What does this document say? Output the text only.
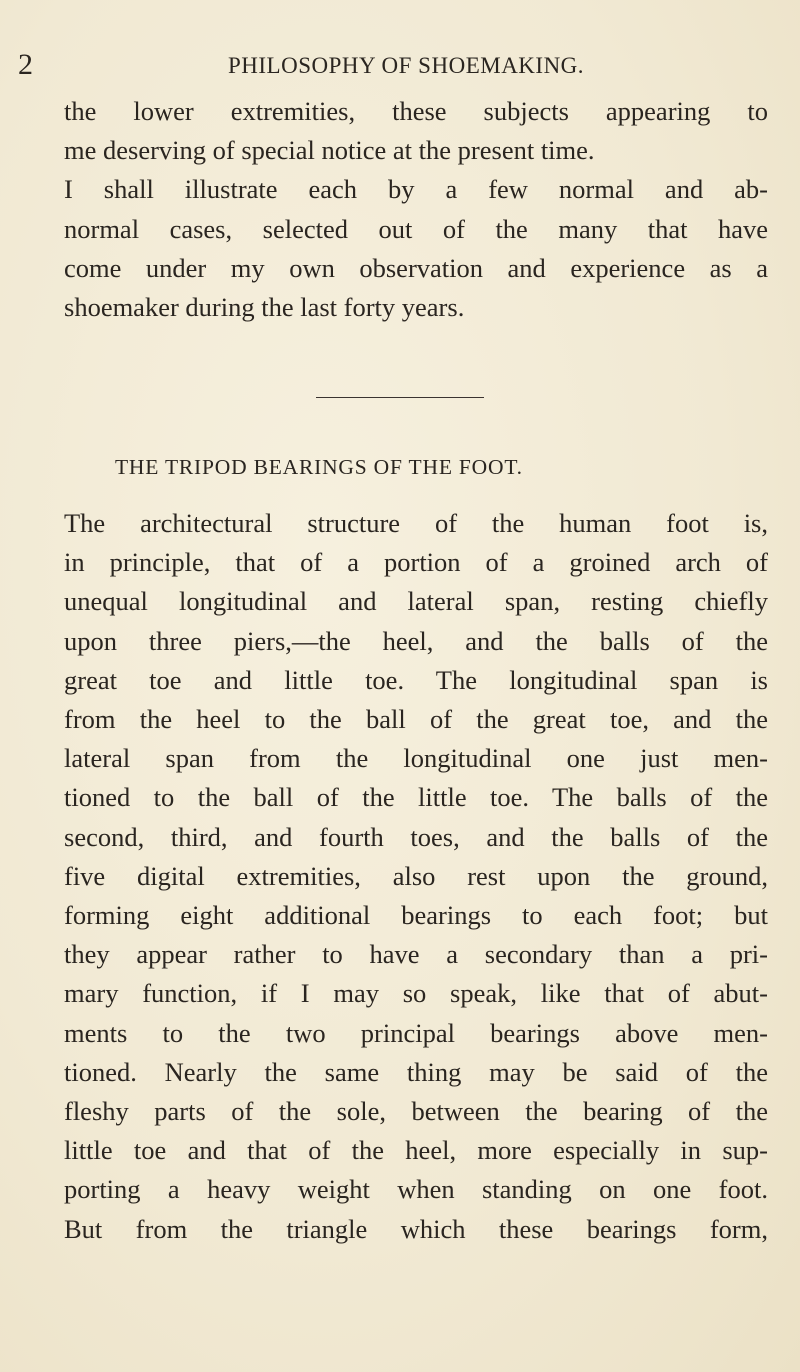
2	PHILOSOPHY OF SHOEMAKING.

the lower extremities, these subjects appearing to
me deserving of special notice at the present time.
I shall illustrate each by a few normal and ab-
normal cases, selected out of the many that have
come under my own observation and experience as a
shoemaker during the last forty years.

THE TRIPOD BEARINGS OF THE FOOT.

The architectural structure of the human foot is,
in principle, that of a portion of a groined arch of
unequal longitudinal and lateral span, resting chiefly
upon three piers,—the heel, and the balls of the
great toe and little toe. The longitudinal span is
from the heel to the ball of the great toe, and the
lateral span from the longitudinal one just men-
tioned to the ball of the little toe. The balls of the
second, third, and fourth toes, and the balls of the
five digital extremities, also rest upon the ground,
forming eight additional bearings to each foot; but
they appear rather to have a secondary than a pri-
mary function, if I may so speak, like that of abut-
ments to the two principal bearings above men-
tioned. Nearly the same thing may be said of the
fleshy parts of the sole, between the bearing of the
little toe and that of the heel, more especially in sup-
porting a heavy weight when standing on one foot.
But from the triangle which these bearings form,
